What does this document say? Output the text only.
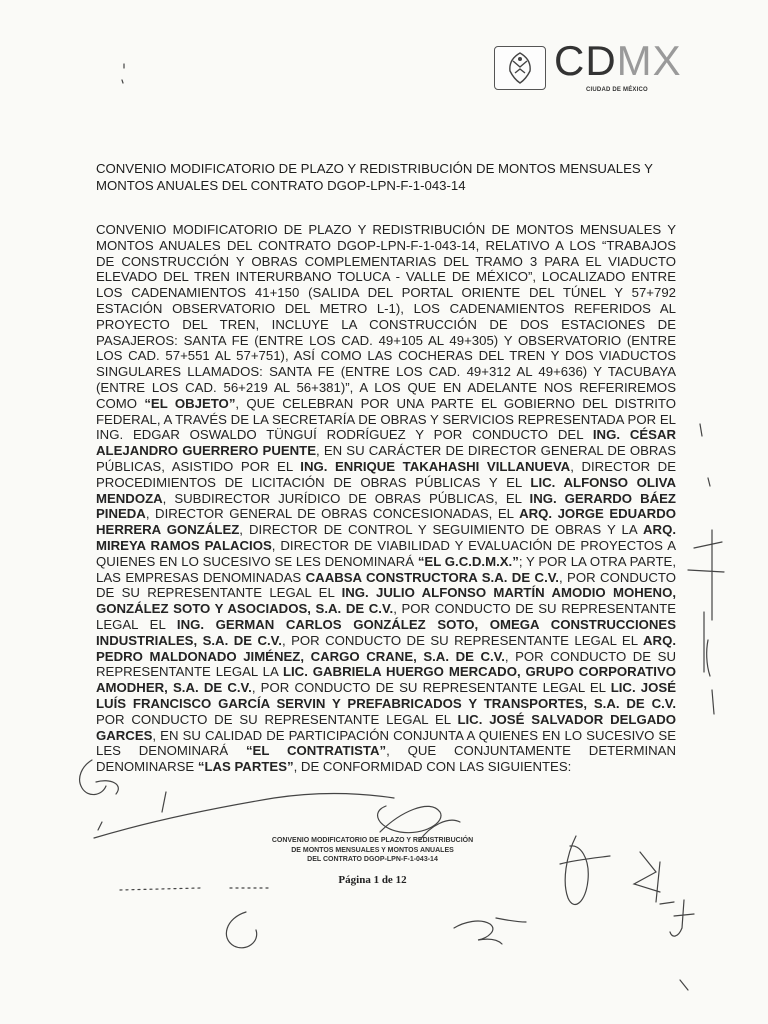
CDMX
CIUDAD DE MÉXICO
CONVENIO MODIFICATORIO DE PLAZO Y REDISTRIBUCIÓN DE MONTOS MENSUALES Y MONTOS ANUALES DEL CONTRATO DGOP-LPN-F-1-043-14
CONVENIO MODIFICATORIO DE PLAZO Y REDISTRIBUCIÓN DE MONTOS MENSUALES Y MONTOS ANUALES DEL CONTRATO DGOP-LPN-F-1-043-14, RELATIVO A LOS “TRABAJOS DE CONSTRUCCIÓN Y OBRAS COMPLEMENTARIAS DEL TRAMO 3 PARA EL VIADUCTO ELEVADO DEL TREN INTERURBANO TOLUCA - VALLE DE MÉXICO”, LOCALIZADO ENTRE LOS CADENAMIENTOS 41+150 (SALIDA DEL PORTAL ORIENTE DEL TÚNEL Y 57+792 ESTACIÓN OBSERVATORIO DEL METRO L-1), LOS CADENAMIENTOS REFERIDOS AL PROYECTO DEL TREN, INCLUYE LA CONSTRUCCIÓN DE DOS ESTACIONES DE PASAJEROS: SANTA FE (ENTRE LOS CAD. 49+105 AL 49+305) Y OBSERVATORIO (ENTRE LOS CAD. 57+551 AL 57+751), ASÍ COMO LAS COCHERAS DEL TREN Y DOS VIADUCTOS SINGULARES LLAMADOS: SANTA FE (ENTRE LOS CAD. 49+312 AL 49+636) Y TACUBAYA (ENTRE LOS CAD. 56+219 AL 56+381)”, A LOS QUE EN ADELANTE NOS REFERIREMOS COMO “EL OBJETO”, QUE CELEBRAN POR UNA PARTE EL GOBIERNO DEL DISTRITO FEDERAL, A TRAVÉS DE LA SECRETARÍA DE OBRAS Y SERVICIOS REPRESENTADA POR EL ING. EDGAR OSWALDO TÜNGUÍ RODRÍGUEZ Y POR CONDUCTO DEL ING. CÉSAR ALEJANDRO GUERRERO PUENTE, EN SU CARÁCTER DE DIRECTOR GENERAL DE OBRAS PÚBLICAS, ASISTIDO POR EL ING. ENRIQUE TAKAHASHI VILLANUEVA, DIRECTOR DE PROCEDIMIENTOS DE LICITACIÓN DE OBRAS PÚBLICAS Y EL LIC. ALFONSO OLIVA MENDOZA, SUBDIRECTOR JURÍDICO DE OBRAS PÚBLICAS, EL ING. GERARDO BÁEZ PINEDA, DIRECTOR GENERAL DE OBRAS CONCESIONADAS, EL ARQ. JORGE EDUARDO HERRERA GONZÁLEZ, DIRECTOR DE CONTROL Y SEGUIMIENTO DE OBRAS Y LA ARQ. MIREYA RAMOS PALACIOS, DIRECTOR DE VIABILIDAD Y EVALUACIÓN DE PROYECTOS A QUIENES EN LO SUCESIVO SE LES DENOMINARÁ “EL G.C.D.M.X.”; Y POR LA OTRA PARTE, LAS EMPRESAS DENOMINADAS CAABSA CONSTRUCTORA S.A. DE C.V., POR CONDUCTO DE SU REPRESENTANTE LEGAL EL ING. JULIO ALFONSO MARTÍN AMODIO MOHENO, GONZÁLEZ SOTO Y ASOCIADOS, S.A. DE C.V., POR CONDUCTO DE SU REPRESENTANTE LEGAL EL ING. GERMAN CARLOS GONZÁLEZ SOTO, OMEGA CONSTRUCCIONES INDUSTRIALES, S.A. DE C.V., POR CONDUCTO DE SU REPRESENTANTE LEGAL EL ARQ. PEDRO MALDONADO JIMÉNEZ, CARGO CRANE, S.A. DE C.V., POR CONDUCTO DE SU REPRESENTANTE LEGAL LA LIC. GABRIELA HUERGO MERCADO, GRUPO CORPORATIVO AMODHER, S.A. DE C.V., POR CONDUCTO DE SU REPRESENTANTE LEGAL EL LIC. JOSÉ LUÍS FRANCISCO GARCÍA SERVIN Y PREFABRICADOS Y TRANSPORTES, S.A. DE C.V. POR CONDUCTO DE SU REPRESENTANTE LEGAL EL LIC. JOSÉ SALVADOR DELGADO GARCES, EN SU CALIDAD DE PARTICIPACIÓN CONJUNTA A QUIENES EN LO SUCESIVO SE LES DENOMINARÁ “EL CONTRATISTA”, QUE CONJUNTAMENTE DETERMINAN DENOMINARSE “LAS PARTES”, DE CONFORMIDAD CON LAS SIGUIENTES:
CONVENIO MODIFICATORIO DE PLAZO Y REDISTRIBUCIÓN
DE MONTOS MENSUALES Y MONTOS ANUALES
DEL CONTRATO DGOP-LPN-F-1-043-14
Página 1 de 12
